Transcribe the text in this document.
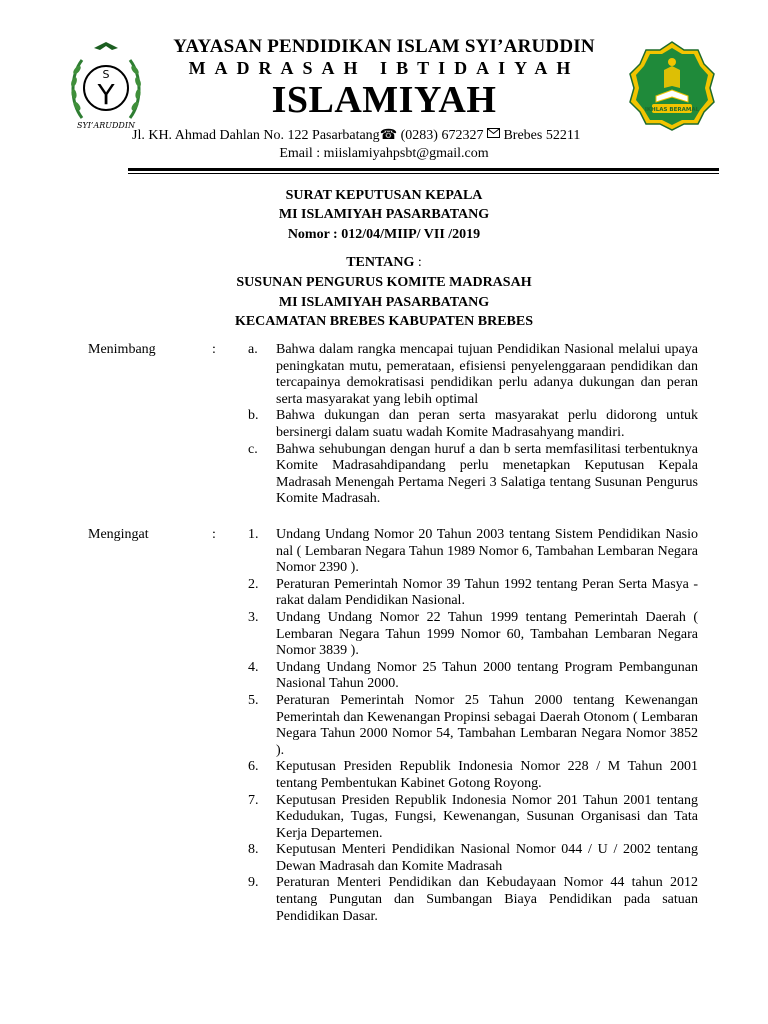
S
Y
SYI’ARUDDIN
IKHLAS BERAMAL
YAYASAN PENDIDIKAN ISLAM SYI’ARUDDIN
MADRASAH IBTIDAIYAH
ISLAMIYAH
Jl. KH. Ahmad Dahlan No. 122 Pasarbatang☎ (0283) 672327
Brebes 52211
Email : miislamiyahpsbt@gmail.com
SURAT KEPUTUSAN KEPALA
MI ISLAMIYAH PASARBATANG
Nomor : 012/04/MIIP/ VII /2019
TENTANG :
SUSUNAN PENGURUS KOMITE MADRASAH
MI ISLAMIYAH PASARBATANG
KECAMATAN BREBES KABUPATEN BREBES
Menimbang	: a. Bahwa dalam rangka mencapai tujuan Pendidikan Nasional melalui upaya peningkatan mutu, pemerataan, efisiensi penyelenggaraan pendidikan dan tercapainya demokratisasi pendidikan perlu adanya dukungan dan peran serta masyarakat yang lebih optimal
b. Bahwa dukungan dan peran serta masyarakat perlu didorong untuk bersinergi dalam suatu wadah Komite Madrasahyang mandiri.
c. Bahwa sehubungan dengan huruf a dan b serta memfasilitasi terbentuknya Komite Madrasahdipandang perlu menetapkan Keputusan Kepala Madrasah Menengah Pertama Negeri 3 Salatiga tentang Susunan Pengurus Komite Madrasah.
Mengingat	: 1. Undang Undang Nomor 20 Tahun 2003 tentang Sistem Pendidikan Nasio nal ( Lembaran Negara Tahun 1989 Nomor 6, Tambahan Lembaran Negara Nomor 2390 ).
2. Peraturan Pemerintah Nomor 39 Tahun 1992 tentang Peran Serta Masya - rakat dalam Pendidikan Nasional.
3. Undang Undang Nomor 22 Tahun 1999 tentang Pemerintah Daerah ( Lembaran Negara Tahun 1999 Nomor 60, Tambahan Lembaran Negara Nomor 3839 ).
4. Undang Undang Nomor 25 Tahun 2000 tentang Program Pembangunan Nasional Tahun 2000.
5. Peraturan Pemerintah Nomor 25 Tahun 2000 tentang Kewenangan Pemerintah dan Kewenangan Propinsi sebagai Daerah Otonom ( Lembaran Negara Tahun 2000 Nomor 54, Tambahan Lembaran Negara Nomor 3852 ).
6. Keputusan Presiden Republik Indonesia Nomor 228 / M Tahun 2001 tentang Pembentukan Kabinet Gotong Royong.
7. Keputusan Presiden Republik Indonesia Nomor 201 Tahun 2001 tentang Kedudukan, Tugas, Fungsi, Kewenangan, Susunan Organisasi dan Tata Kerja Departemen.
8. Keputusan Menteri Pendidikan Nasional Nomor 044 / U / 2002 tentang Dewan Madrasah dan Komite Madrasah
9. Peraturan Menteri Pendidikan dan Kebudayaan Nomor 44 tahun 2012 tentang Pungutan dan Sumbangan Biaya Pendidikan pada satuan Pendidikan Dasar.
